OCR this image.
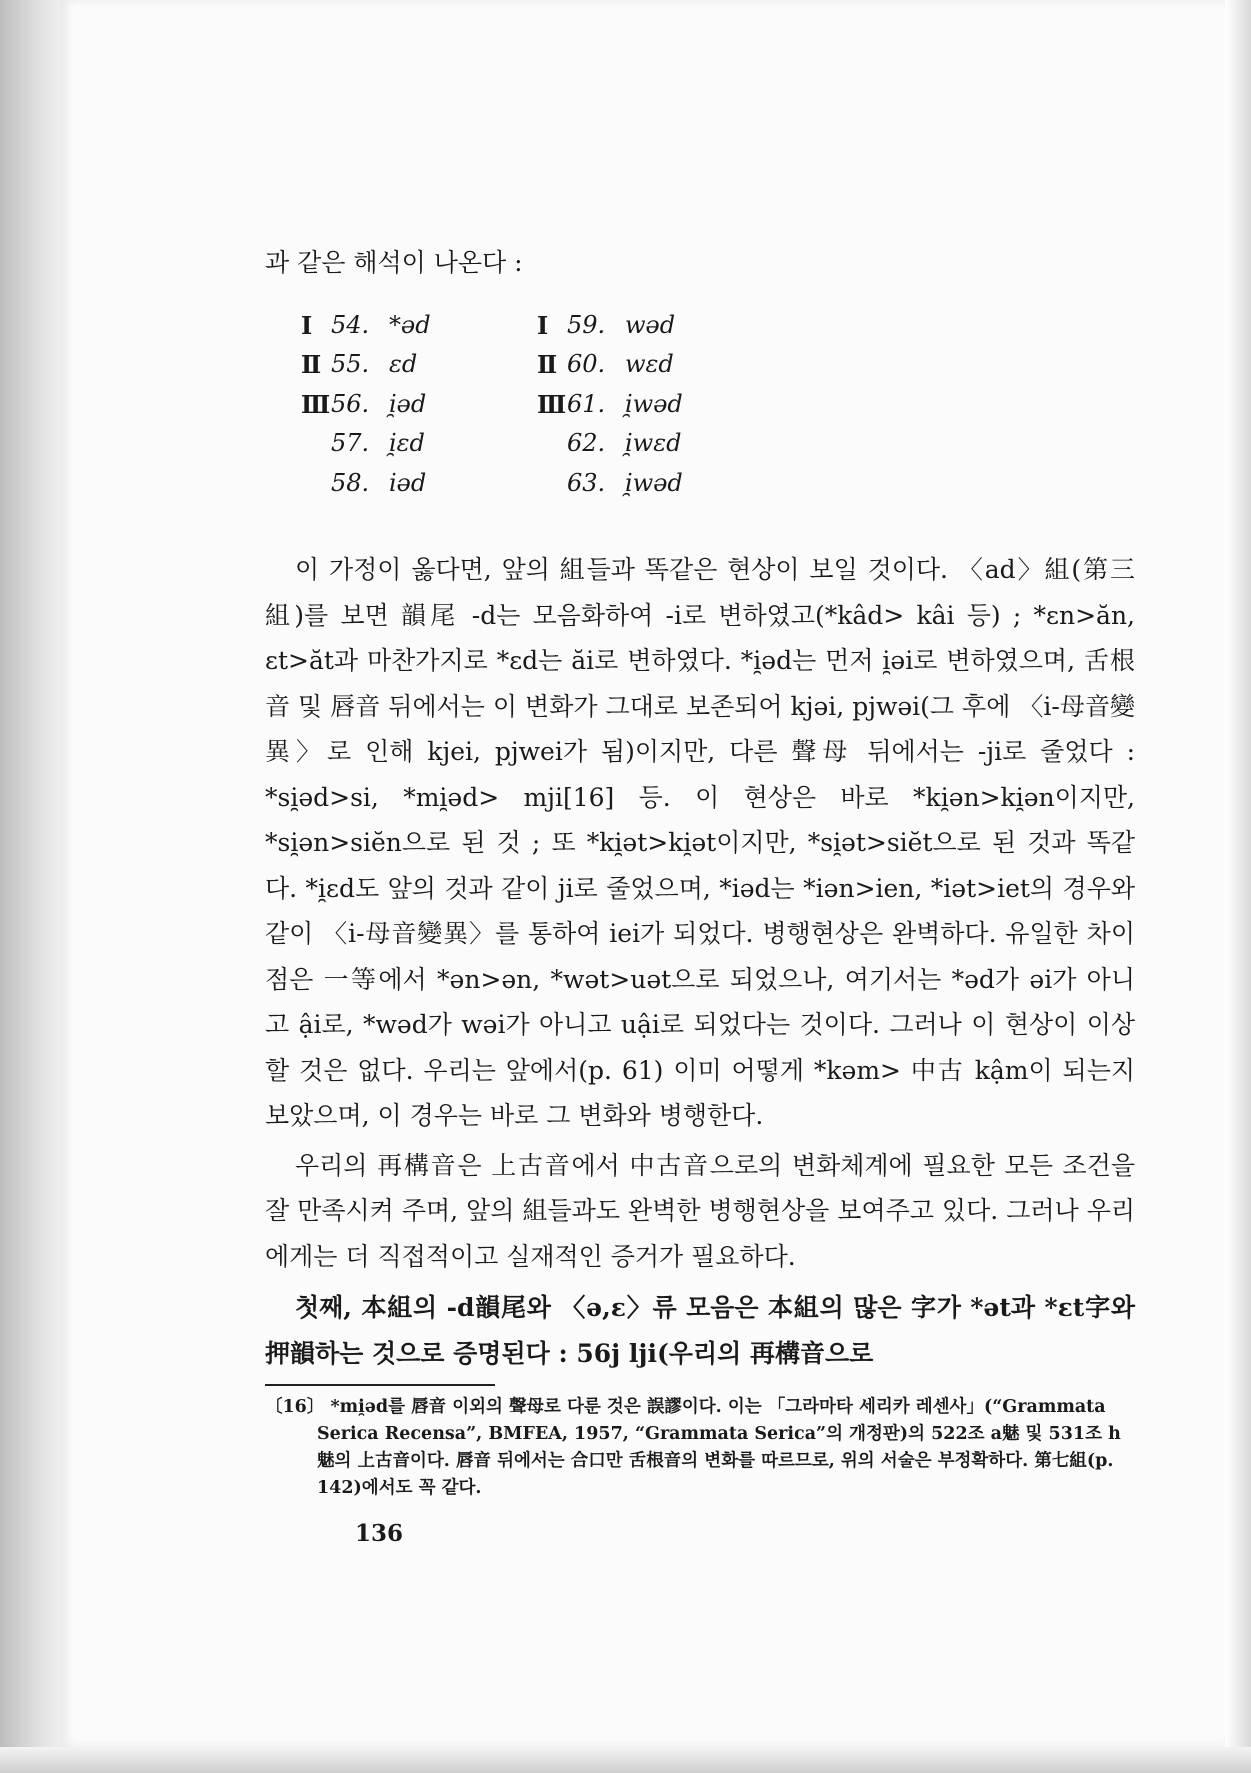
과 같은 해석이 나온다 :

Ⅰ 54. *əd	Ⅰ 59. wəd
Ⅱ 55. ɛd	Ⅱ 60. wɛd
Ⅲ 56. i̯əd	Ⅲ 61. i̯wəd
57. i̯ɛd	62. i̯wɛd
58. iəd	63. i̯wəd

이 가정이 옳다면, 앞의 組들과 똑같은 현상이 보일 것이다. 〈ad〉組(第三組)를 보면 韻尾 -d는 모음화하여 -i로 변하였고(*kâd> kâi 등) ; *ɛn>ăn, ɛt>ăt과 마찬가지로 *ɛd는 ăi로 변하였다. *i̯əd는 먼저 i̯əi로 변하였으며, 舌根音 및 唇音 뒤에서는 이 변화가 그대로 보존되어 kjəi, pjwəi(그 후에 〈i-母音變異〉로 인해 kjei, pjwei가 됨)이지만, 다른 聲母 뒤에서는 -ji로 줄었다 : *si̯əd>si, *mi̯əd> mji[16] 등. 이 현상은 바로 *ki̯ən>ki̯ən이지만, *si̯ən>siĕn으로 된 것 ; 또 *ki̯ət>ki̯ət이지만, *si̯ət>siĕt으로 된 것과 똑같다. *i̯ɛd도 앞의 것과 같이 ji로 줄었으며, *iəd는 *iən>ien, *iət>iet의 경우와 같이 〈i-母音變異〉를 통하여 iei가 되었다. 병행현상은 완벽하다. 유일한 차이점은 一等에서 *ən>ən, *wət>uət으로 되었으나, 여기서는 *əd가 əi가 아니고 ậi로, *wəd가 wəi가 아니고 uậi로 되었다는 것이다. 그러나 이 현상이 이상할 것은 없다. 우리는 앞에서(p. 61) 이미 어떻게 *kəm> 中古 kậm이 되는지 보았으며, 이 경우는 바로 그 변화와 병행한다.

우리의 再構音은 上古音에서 中古音으로의 변화체계에 필요한 모든 조건을 잘 만족시켜 주며, 앞의 組들과도 완벽한 병행현상을 보여주고 있다. 그러나 우리에게는 더 직접적이고 실재적인 증거가 필요하다.

첫째, 本組의 -d韻尾와 〈ə,ɛ〉류 모음은 本組의 많은 字가 *ət과 *ɛt字와 押韻하는 것으로 증명된다 : 56j lji(우리의 再構音으로

〔16〕 *mi̯əd를 唇音 이외의 聲母로 다룬 것은 誤謬이다. 이는 「그라마타 세리카 레센사」(“Grammata Serica Recensa”, BMFEA, 1957, “Grammata Serica”의 개정판)의 522조 a魅 및 531조 h魅의 上古音이다. 唇音 뒤에서는 合口만 舌根音의 변화를 따르므로, 위의 서술은 부정확하다. 第七組(p. 142)에서도 꼭 같다.

136
